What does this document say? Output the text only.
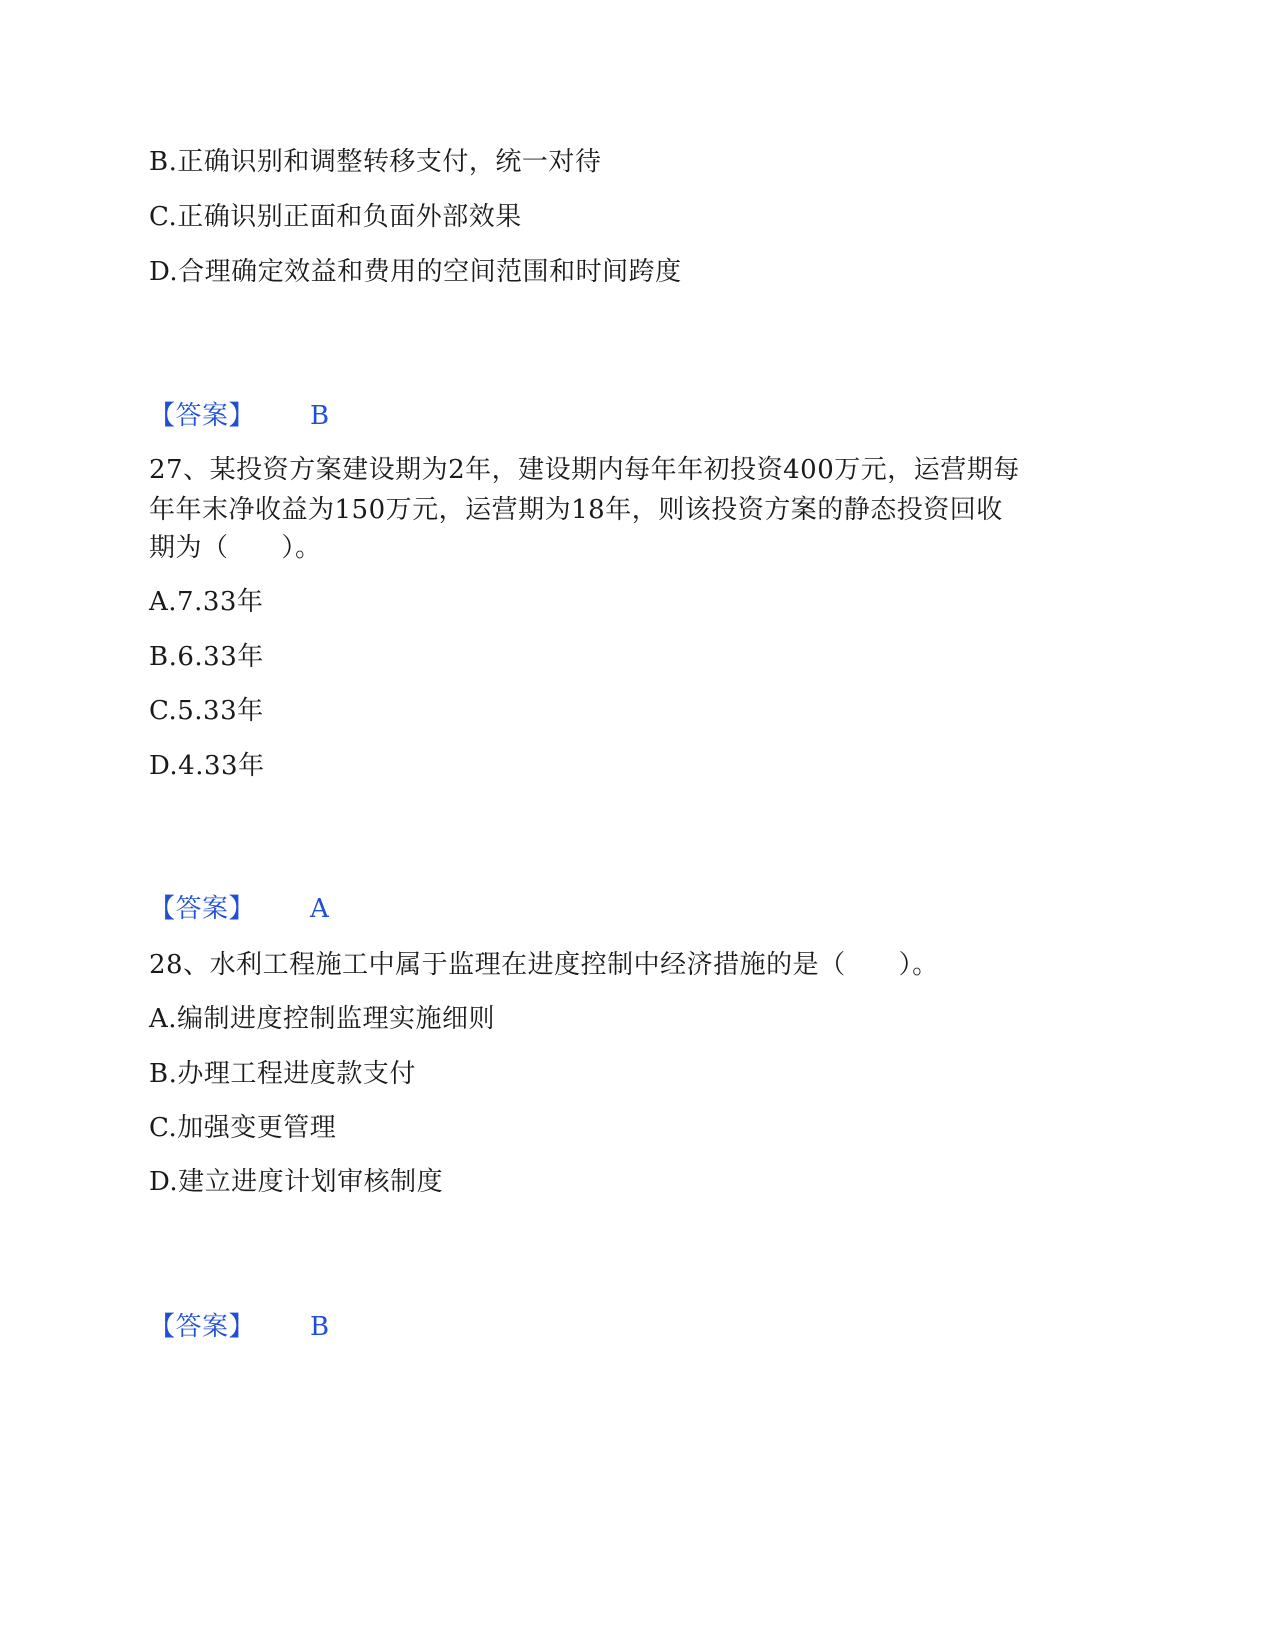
B.正确识别和调整转移支付，统一对待
C.正确识别正面和负面外部效果
D.合理确定效益和费用的空间范围和时间跨度
【答案】 B
27、某投资方案建设期为2年，建设期内每年年初投资400万元，运营期每
年年末净收益为150万元，运营期为18年，则该投资方案的静态投资回收
期为（　　）。
A.7.33年
B.6.33年
C.5.33年
D.4.33年
【答案】 A
28、水利工程施工中属于监理在进度控制中经济措施的是（　　）。
A.编制进度控制监理实施细则
B.办理工程进度款支付
C.加强变更管理
D.建立进度计划审核制度
【答案】 B
